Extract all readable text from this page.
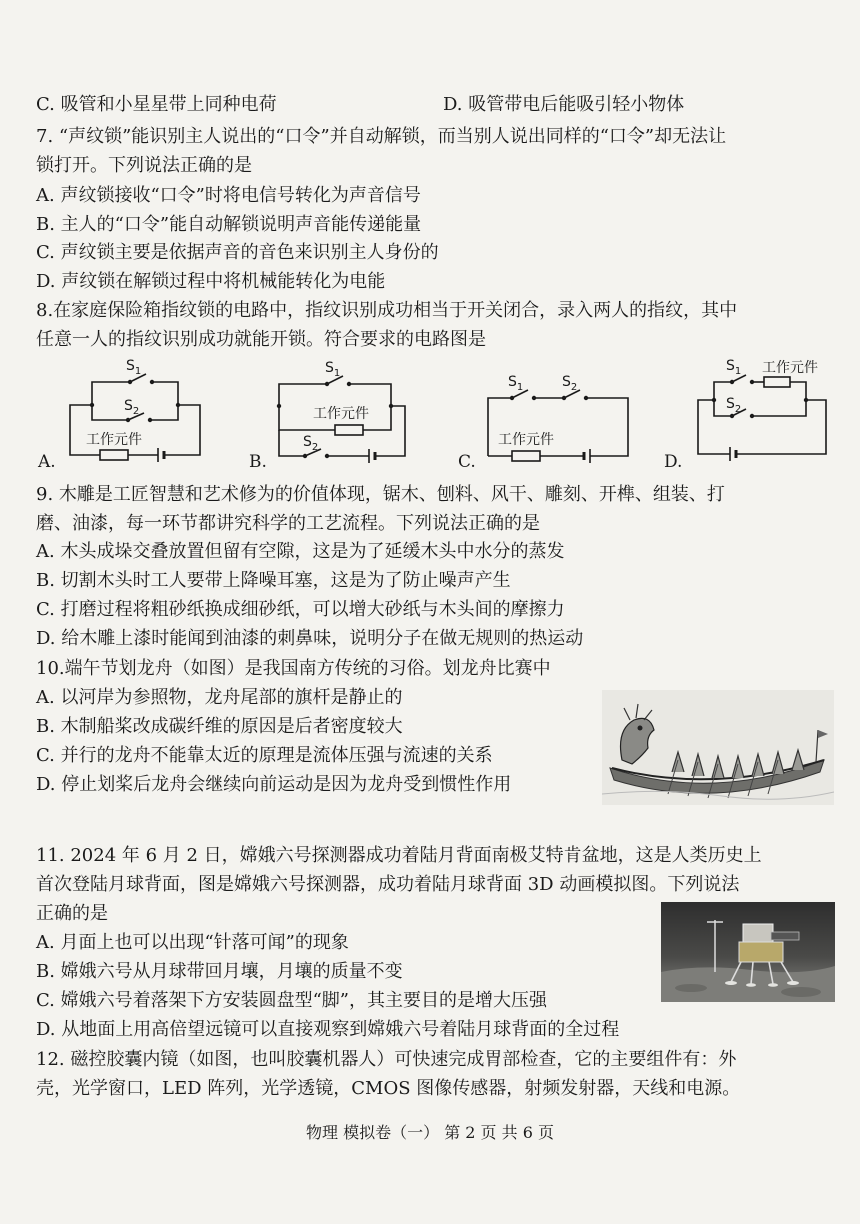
C. 吸管和小星星带上同种电荷	D. 吸管带电后能吸引轻小物体
7. “声纹锁”能识别主人说出的“口令”并自动解锁，而当别人说出同样的“口令”却无法让
锁打开。下列说法正确的是
A. 声纹锁接收“口令”时将电信号转化为声音信号
B. 主人的“口令”能自动解锁说明声音能传递能量
C. 声纹锁主要是依据声音的音色来识别主人身份的
D. 声纹锁在解锁过程中将机械能转化为电能
8.在家庭保险箱指纹锁的电路中，指纹识别成功相当于开关闭合，录入两人的指纹，其中
任意一人的指纹识别成功就能开锁。符合要求的电路图是
$S_1$
$S_2$
工作元件
A.
$S_1$
工作元件
$S_2$
B.
$S_1$	$S_2$
工作元件
C.
$S_1$ 工作元件
$S_2$
D.
9. 木雕是工匠智慧和艺术修为的价值体现，锯木、刨料、风干、雕刻、开榫、组装、打
磨、油漆，每一环节都讲究科学的工艺流程。下列说法正确的是
A. 木头成垛交叠放置但留有空隙，这是为了延缓木头中水分的蒸发
B. 切割木头时工人要带上降噪耳塞，这是为了防止噪声产生
C. 打磨过程将粗砂纸换成细砂纸，可以增大砂纸与木头间的摩擦力
D. 给木雕上漆时能闻到油漆的刺鼻味，说明分子在做无规则的热运动
10.端午节划龙舟（如图）是我国南方传统的习俗。划龙舟比赛中
A. 以河岸为参照物，龙舟尾部的旗杆是静止的
B. 木制船桨改成碳纤维的原因是后者密度较大
C. 并行的龙舟不能靠太近的原理是流体压强与流速的关系
D. 停止划桨后龙舟会继续向前运动是因为龙舟受到惯性作用
11. 2024 年 6 月 2 日，嫦娥六号探测器成功着陆月背面南极艾特肯盆地，这是人类历史上
首次登陆月球背面，图是嫦娥六号探测器，成功着陆月球背面 3D 动画模拟图。下列说法
正确的是
A. 月面上也可以出现“针落可闻”的现象
B. 嫦娥六号从月球带回月壤，月壤的质量不变
C. 嫦娥六号着落架下方安装圆盘型“脚”，其主要目的是增大压强
D. 从地面上用高倍望远镜可以直接观察到嫦娥六号着陆月球背面的全过程
12. 磁控胶囊内镜（如图，也叫胶囊机器人）可快速完成胃部检查，它的主要组件有：外
壳，光学窗口，LED 阵列，光学透镜，CMOS 图像传感器，射频发射器，天线和电源。
物理 模拟卷（一） 第 2 页 共 6 页
